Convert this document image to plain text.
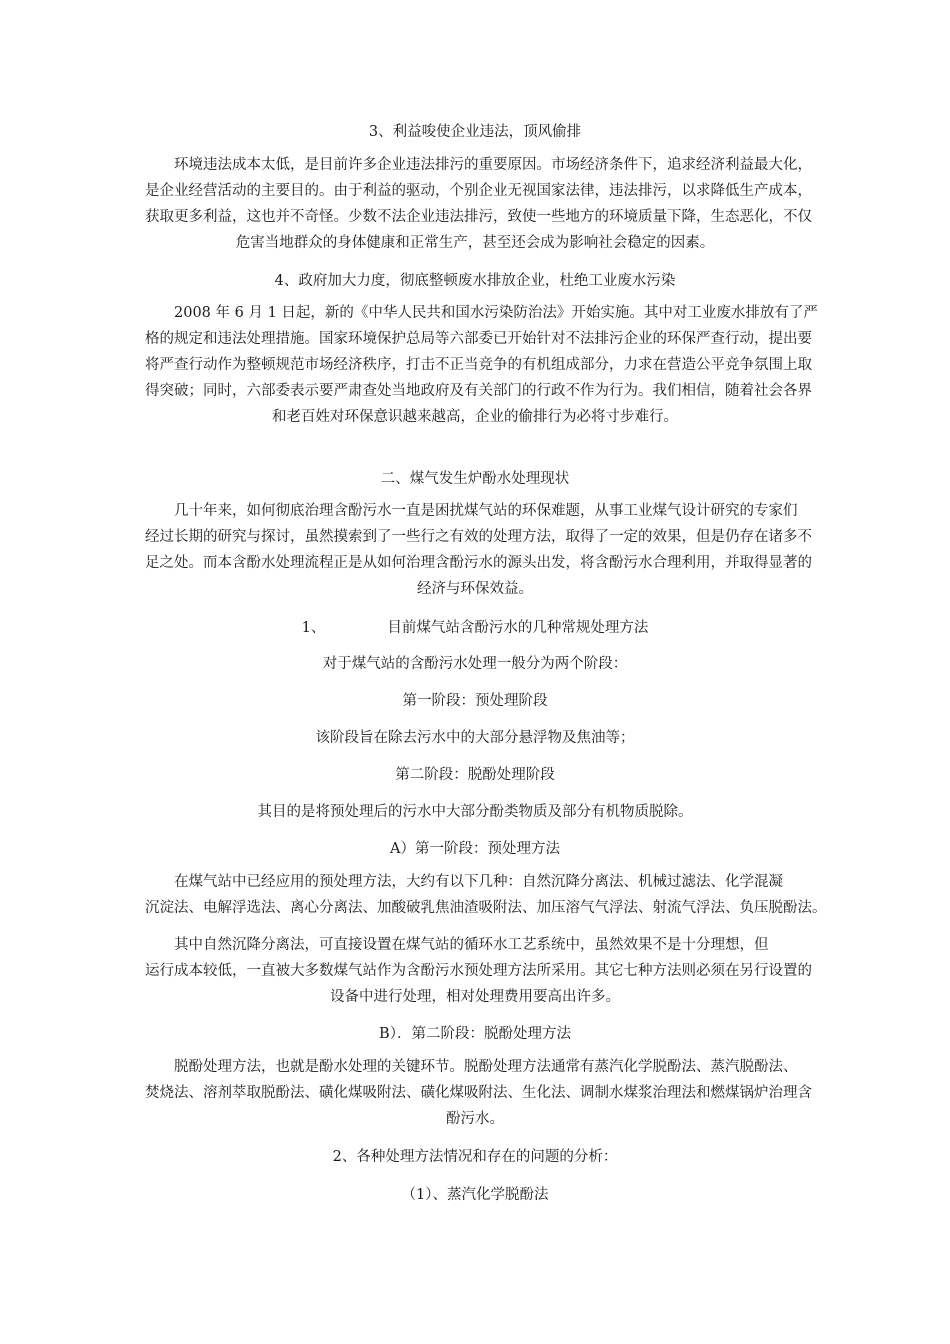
3、利益唆使企业违法，顶风偷排
　　环境违法成本太低，是目前许多企业违法排污的重要原因。市场经济条件下，追求经济利益最大化，
是企业经营活动的主要目的。由于利益的驱动，个别企业无视国家法律，违法排污，以求降低生产成本，
获取更多利益，这也并不奇怪。少数不法企业违法排污，致使一些地方的环境质量下降，生态恶化，不仅
危害当地群众的身体健康和正常生产，甚至还会成为影响社会稳定的因素。
4、政府加大力度，彻底整顿废水排放企业，杜绝工业废水污染
　　2008 年 6 月 1 日起，新的《中华人民共和国水污染防治法》开始实施。其中对工业废水排放有了严
格的规定和违法处理措施。国家环境保护总局等六部委已开始针对不法排污企业的环保严查行动，提出要
将严查行动作为整顿规范市场经济秩序，打击不正当竞争的有机组成部分，力求在营造公平竞争氛围上取
得突破；同时，六部委表示要严肃查处当地政府及有关部门的行政不作为行为。我们相信，随着社会各界
和老百姓对环保意识越来越高，企业的偷排行为必将寸步难行。
二、煤气发生炉酚水处理现状
　　几十年来，如何彻底治理含酚污水一直是困扰煤气站的环保难题，从事工业煤气设计研究的专家们
经过长期的研究与探讨，虽然摸索到了一些行之有效的处理方法，取得了一定的效果，但是仍存在诸多不
足之处。而本含酚水处理流程正是从如何治理含酚污水的源头出发，将含酚污水合理利用，并取得显著的
经济与环保效益。
1、	目前煤气站含酚污水的几种常规处理方法
对于煤气站的含酚污水处理一般分为两个阶段：
第一阶段：预处理阶段
该阶段旨在除去污水中的大部分悬浮物及焦油等；
第二阶段：脱酚处理阶段
其目的是将预处理后的污水中大部分酚类物质及部分有机物质脱除。
A）第一阶段：预处理方法
　　在煤气站中已经应用的预处理方法，大约有以下几种：自然沉降分离法、机械过滤法、化学混凝
沉淀法、电解浮选法、离心分离法、加酸破乳焦油渣吸附法、加压溶气气浮法、射流气浮法、负压脱酚法。
　　其中自然沉降分离法，可直接设置在煤气站的循环水工艺系统中，虽然效果不是十分理想，但
运行成本较低，一直被大多数煤气站作为含酚污水预处理方法所采用。其它七种方法则必须在另行设置的
设备中进行处理，相对处理费用要高出许多。
B）．第二阶段：脱酚处理方法
　　脱酚处理方法，也就是酚水处理的关键环节。脱酚处理方法通常有蒸汽化学脱酚法、蒸汽脱酚法、
焚烧法、溶剂萃取脱酚法、磺化煤吸附法、磺化煤吸附法、生化法、调制水煤浆治理法和燃煤锅炉治理含
酚污水。
2、各种处理方法情况和存在的问题的分析：
（1）、蒸汽化学脱酚法
